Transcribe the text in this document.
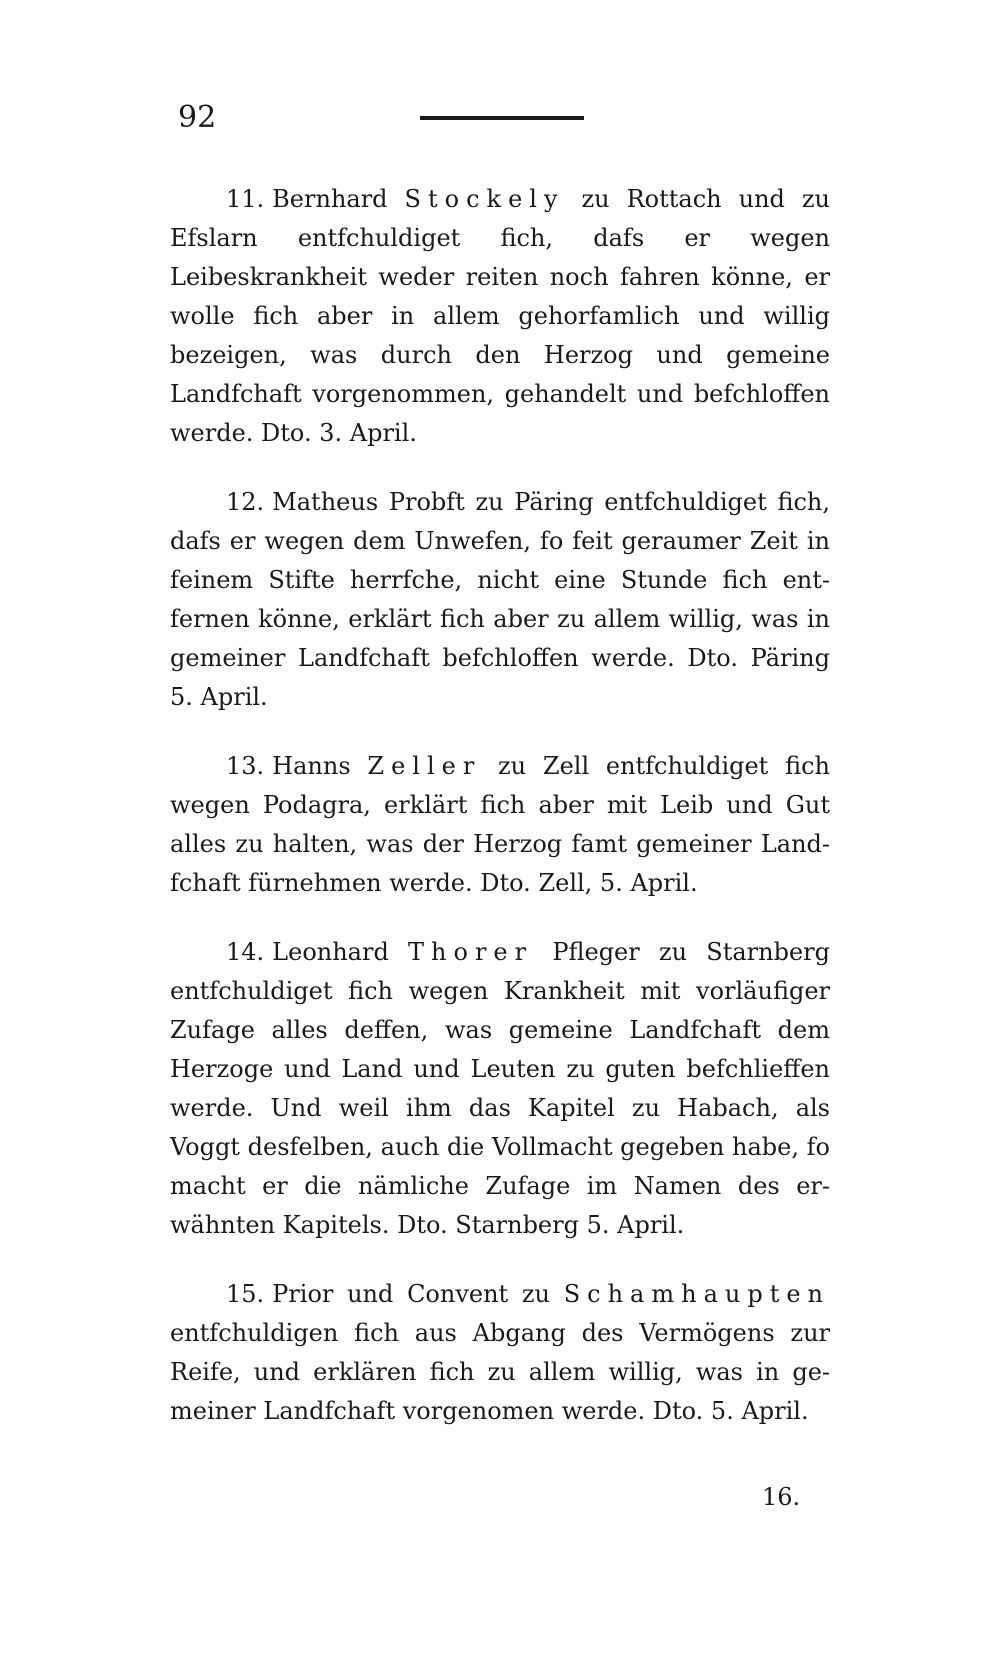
92

11. Bernhard Stockely zu Rottach und zu Efslarn entfchuldiget fich, dafs er wegen Leibeskrankheit weder reiten noch fahren könne, er wolle fich aber in allem gehorfamlich und willig bezeigen, was durch den Herzog und gemeine Landfchaft vorgenommen, gehandelt und befchloffen werde. Dto. 3. April.

12. Matheus Probft zu Päring entfchuldiget fich, dafs er wegen dem Unwefen, fo feit geraumer Zeit in feinem Stifte herrfche, nicht eine Stunde fich entfernen könne, erklärt fich aber zu allem willig, was in gemeiner Landfchaft befchloffen werde. Dto. Päring 5. April.

13. Hanns Zeller zu Zell entfchuldiget fich wegen Podagra, erklärt fich aber mit Leib und Gut alles zu halten, was der Herzog famt gemeiner Landfchaft fürnehmen werde. Dto. Zell, 5. April.

14. Leonhard Thorer Pfleger zu Starnberg entfchuldiget fich wegen Krankheit mit vorläufiger Zufage alles deffen, was gemeine Landfchaft dem Herzoge und Land und Leuten zu guten befchlieffen werde. Und weil ihm das Kapitel zu Habach, als Voggt desfelben, auch die Vollmacht gegeben habe, fo macht er die nämliche Zufage im Namen des erwähnten Kapitels. Dto. Starnberg 5. April.

15. Prior und Convent zu Schamhaupten entfchuldigen fich aus Abgang des Vermögens zur Reife, und erklären fich zu allem willig, was in gemeiner Landfchaft vorgenomen werde. Dto. 5. April.

16.
